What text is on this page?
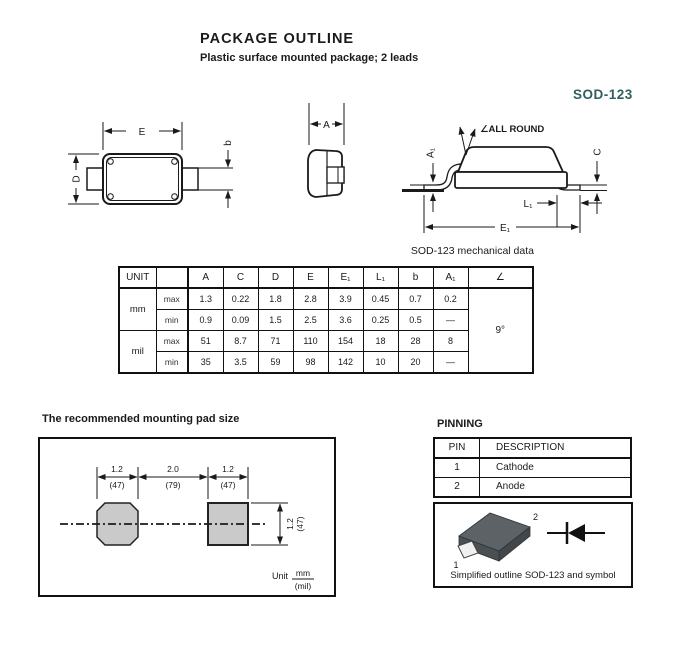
PACKAGE OUTLINE
Plastic surface mounted package; 2 leads
SOD-123
E
D
b
A	∠ALL ROUND
A₁	C
L₁
E₁
SOD-123 mechanical data
UNIT		A	C	D	E	E₁	L₁	b	A₁	∠
mm	max	1.3	0.22	1.8	2.8	3.9	0.45	0.7	0.2	9°
	min	0.9	0.09	1.5	2.5	3.6	0.25	0.5	—	
mil	max	51	8.7	71	110	154	18	28	8	
	min	35	3.5	59	98	142	10	20	—	
The recommended mounting pad size
1.2
(47)
2.0
(79)
1.2
(47)
1.2 (47)
Unit mm
(mil)
PINNING
PIN	DESCRIPTION
1	Cathode
2	Anode
1
2
Simplified outline SOD-123 and symbol
